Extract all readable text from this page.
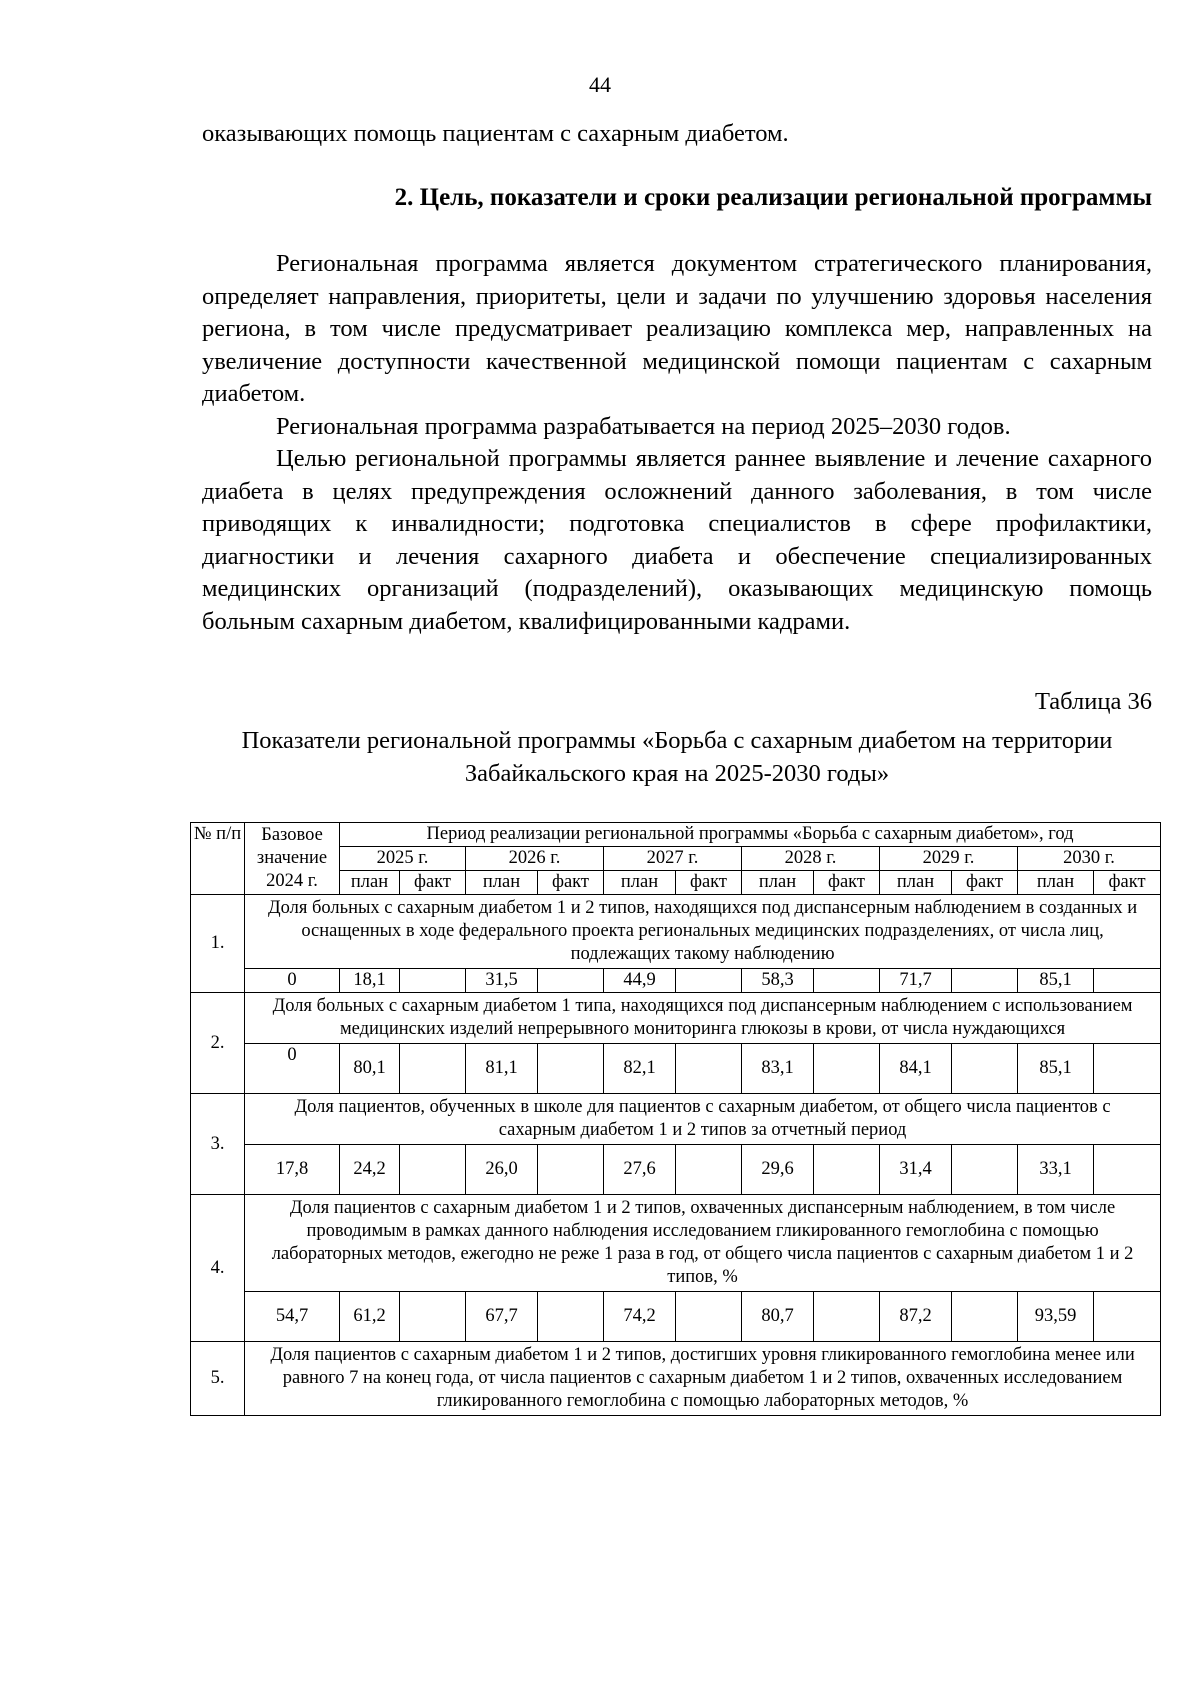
44

оказывающих помощь пациентам с сахарным диабетом.

2. Цель, показатели и сроки реализации региональной программы

Региональная программа является документом стратегического планирования, определяет направления, приоритеты, цели и задачи по улучшению здоровья населения региона, в том числе предусматривает реализацию комплекса мер, направленных на увеличение доступности качественной медицинской помощи пациентам с сахарным диабетом.

Региональная программа разрабатывается на период 2025–2030 годов.

Целью региональной программы является раннее выявление и лечение сахарного диабета в целях предупреждения осложнений данного заболевания, в том числе приводящих к инвалидности; подготовка специалистов в сфере профилактики, диагностики и лечения сахарного диабета и обеспечение специализированных медицинских организаций (подразделений), оказывающих медицинскую помощь больным сахарным диабетом, квалифицированными кадрами.

Таблица 36
Показатели региональной программы «Борьба с сахарным диабетом на территории Забайкальского края на 2025-2030 годы»
№ п/п	Базовое значение 2024 г.	Период реализации региональной программы «Борьба с сахарным диабетом», год											
		2025 г.		2026 г.		2027 г.		2028 г.		2029 г.		2030 г.	
		план	факт	план	факт	план	факт	план	факт	план	факт	план	факт
1.	Доля больных с сахарным диабетом 1 и 2 типов, находящихся под диспансерным наблюдением в созданных и оснащенных в ходе федерального проекта региональных медицинских подразделениях, от числа лиц, подлежащих такому наблюдению												
	0	18,1		31,5		44,9		58,3		71,7		85,1	
2.	Доля больных с сахарным диабетом 1 типа, находящихся под диспансерным наблюдением с использованием медицинских изделий непрерывного мониторинга глюкозы в крови, от числа нуждающихся												
	0	80,1		81,1		82,1		83,1		84,1		85,1	
3.	Доля пациентов, обученных в школе для пациентов с сахарным диабетом, от общего числа пациентов с сахарным диабетом 1 и 2 типов за отчетный период												
	17,8	24,2		26,0		27,6		29,6		31,4		33,1	
4.	Доля пациентов с сахарным диабетом 1 и 2 типов, охваченных диспансерным наблюдением, в том числе проводимым в рамках данного наблюдения исследованием гликированного гемоглобина с помощью лабораторных методов, ежегодно не реже 1 раза в год, от общего числа пациентов с сахарным диабетом 1 и 2 типов, %												
	54,7	61,2		67,7		74,2		80,7		87,2		93,59	
5.	Доля пациентов с сахарным диабетом 1 и 2 типов, достигших уровня гликированного гемоглобина менее или равного 7 на конец года, от числа пациентов с сахарным диабетом 1 и 2 типов, охваченных исследованием гликированного гемоглобина с помощью лабораторных методов, %												
